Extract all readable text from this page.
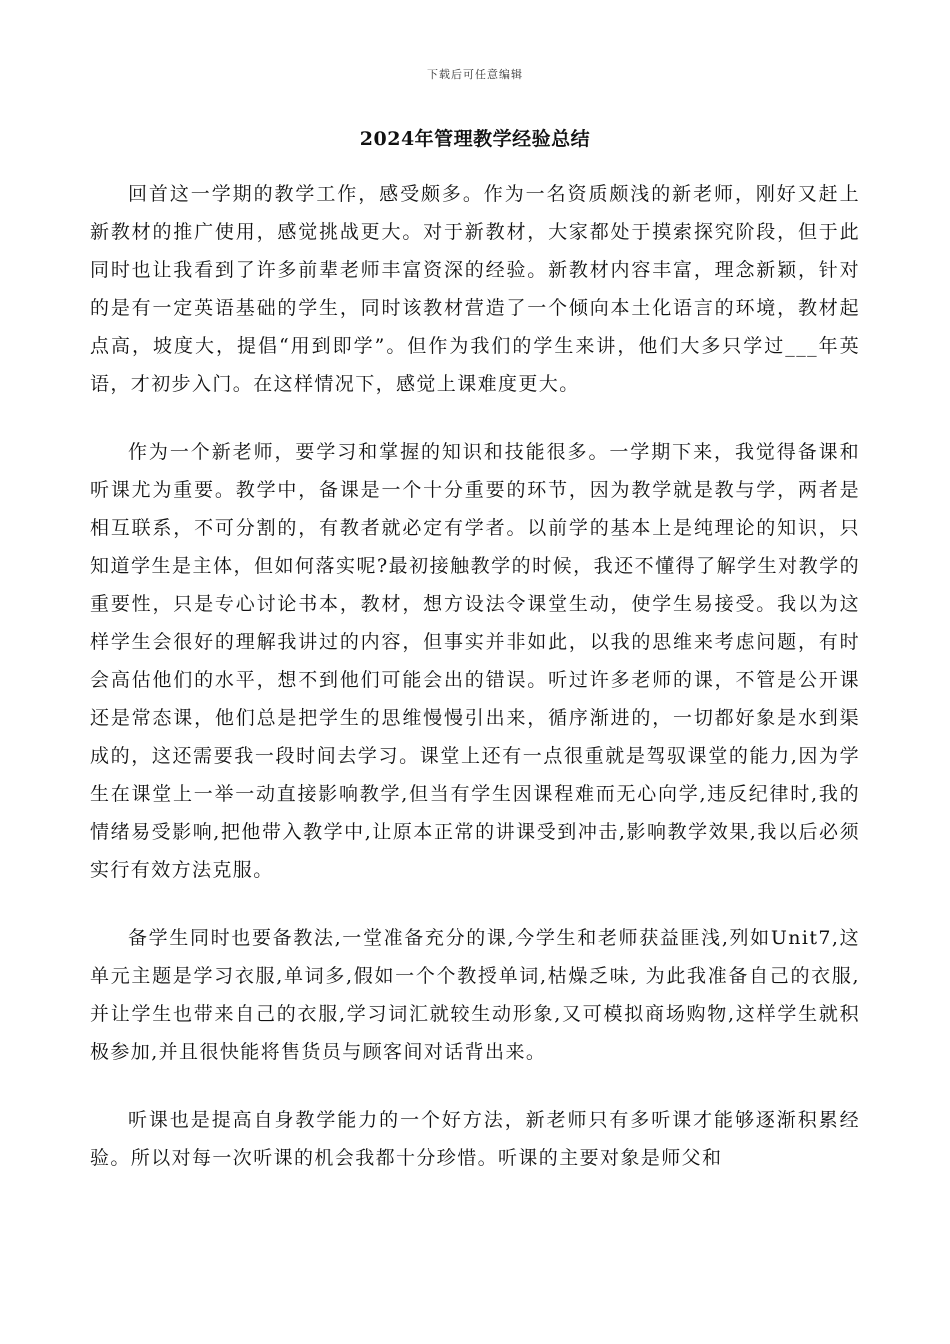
下载后可任意编辑
2024年管理教学经验总结

回首这一学期的教学工作，感受颇多。作为一名资质颇浅的新老师，刚好又赶上新教材的推广使用，感觉挑战更大。对于新教材，大家都处于摸索探究阶段，但于此同时也让我看到了许多前辈老师丰富资深的经验。新教材内容丰富，理念新颖，针对的是有一定英语基础的学生，同时该教材营造了一个倾向本土化语言的环境，教材起点高，坡度大，提倡“用到即学”。但作为我们的学生来讲，他们大多只学过___年英语，才初步入门。在这样情况下，感觉上课难度更大。

作为一个新老师，要学习和掌握的知识和技能很多。一学期下来，我觉得备课和听课尤为重要。教学中，备课是一个十分重要的环节，因为教学就是教与学，两者是相互联系，不可分割的，有教者就必定有学者。以前学的基本上是纯理论的知识，只知道学生是主体，但如何落实呢?最初接触教学的时候，我还不懂得了解学生对教学的重要性，只是专心讨论书本，教材，想方设法令课堂生动，使学生易接受。我以为这样学生会很好的理解我讲过的内容，但事实并非如此，以我的思维来考虑问题，有时会高估他们的水平，想不到他们可能会出的错误。听过许多老师的课，不管是公开课还是常态课，他们总是把学生的思维慢慢引出来，循序渐进的，一切都好象是水到渠成的，这还需要我一段时间去学习。课堂上还有一点很重就是驾驭课堂的能力,因为学生在课堂上一举一动直接影响教学,但当有学生因课程难而无心向学,违反纪律时,我的情绪易受影响,把他带入教学中,让原本正常的讲课受到冲击,影响教学效果,我以后必须实行有效方法克服。

备学生同时也要备教法,一堂准备充分的课,今学生和老师获益匪浅,列如Unit7,这单元主题是学习衣服,单词多,假如一个个教授单词,枯燥乏味, 为此我准备自己的衣服,并让学生也带来自己的衣服,学习词汇就较生动形象,又可模拟商场购物,这样学生就积极参加,并且很快能将售货员与顾客间对话背出来。

听课也是提高自身教学能力的一个好方法，新老师只有多听课才能够逐渐积累经验。所以对每一次听课的机会我都十分珍惜。听课的主要对象是师父和
